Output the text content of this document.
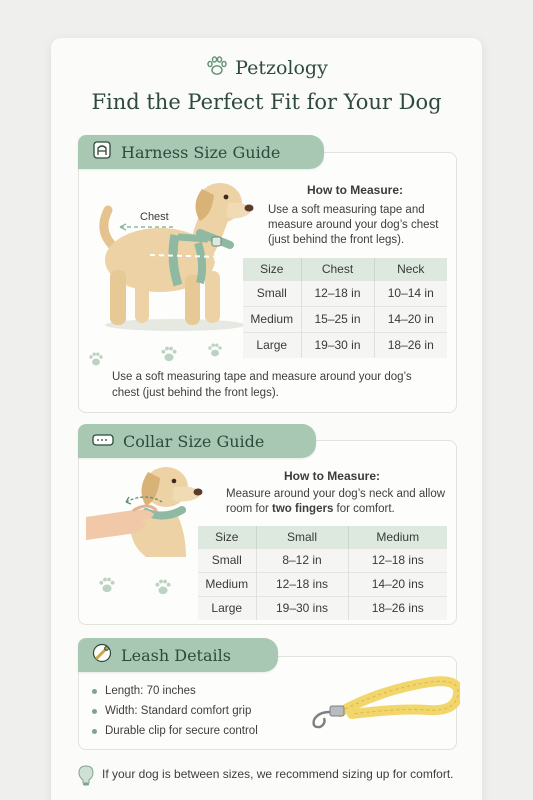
Petzology
Find the Perfect Fit for Your Dog
Harness Size Guide
Chest
How to Measure:
Use a soft measuring tape and measure around your dog’s chest (just behind the front legs).
Size	Chest	Neck
Small	12–18 in	10–14 in
Medium	15–25 in	14–20 in
Large	19–30 in	18–26 in
Use a soft measuring tape and measure around your dog’s chest (just behind the front legs).
Collar Size Guide
How to Measure:
Measure around your dog’s neck and allow room for two fingers for comfort.
Size	Small	Medium
Small	8–12 in	12–18 ins
Medium	12–18 ins	14–20 ins
Large	19–30 ins	18–26 ins
Leash Details
Length: 70 inches
Width: Standard comfort grip
Durable clip for secure control
If your dog is between sizes, we recommend sizing up for comfort.
